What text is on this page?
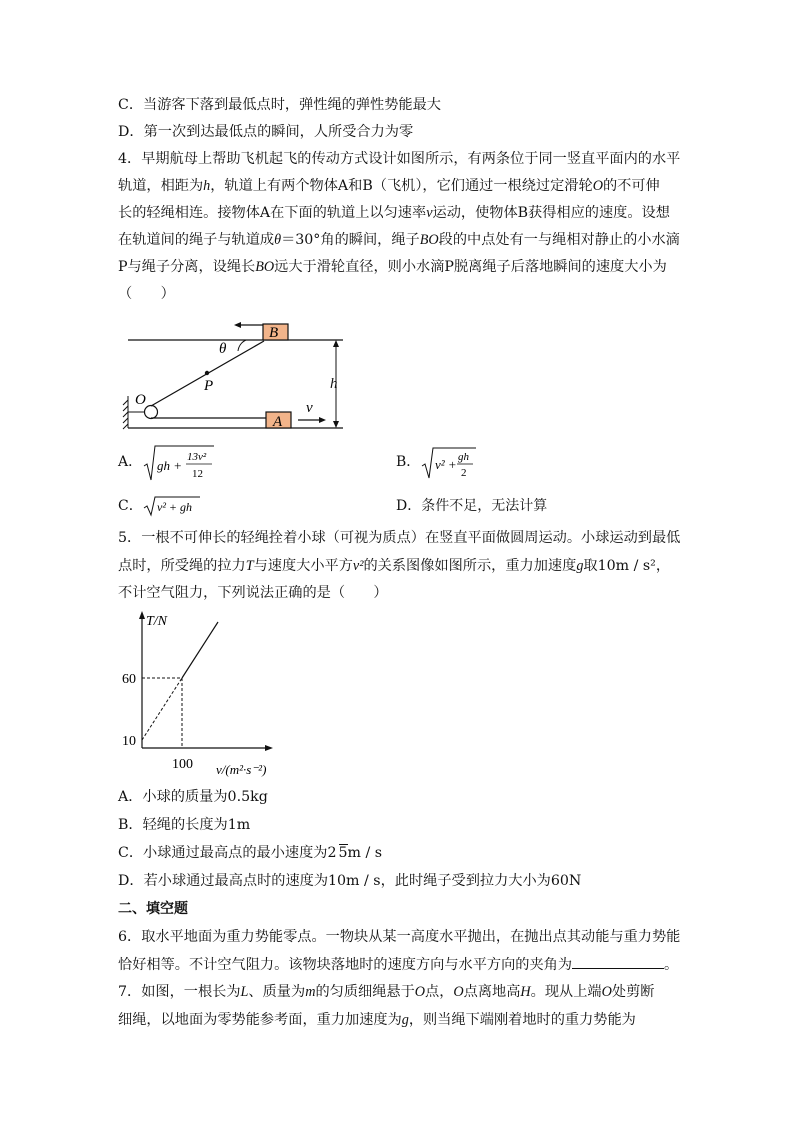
C．当游客下落到最低点时，弹性绳的弹性势能最大
D．第一次到达最低点的瞬间，人所受合力为零
4．早期航母上帮助飞机起飞的传动方式设计如图所示，有两条位于同一竖直平面内的水平
轨道，相距为h，轨道上有两个物体A和B（飞机），它们通过一根绕过定滑轮O的不可伸
长的轻绳相连。接物体A在下面的轨道上以匀速率v运动，使物体B获得相应的速度。设想
在轨道间的绳子与轨道成θ＝30°角的瞬间，绳子BO段的中点处有一与绳相对静止的小水滴
P与绳子分离，设绳长BO远大于滑轮直径，则小水滴P脱离绳子后落地瞬间的速度大小为
（　　）
B
A
v
h
θ
P
O
A． gh +
13v²
12
B． v² + gh
2
C． v² + gh	D．条件不足，无法计算
5．一根不可伸长的轻绳拴着小球（可视为质点）在竖直平面做圆周运动。小球运动到最低
点时，所受绳的拉力T与速度大小平方v²的关系图像如图所示，重力加速度g取10m / s²，
不计空气阻力，下列说法正确的是（　　）
T/N
60
10
100 v/(m²·s⁻²)
A．小球的质量为0.5kg
B．轻绳的长度为1m
C．小球通过最高点的最小速度为2 5m / s
D．若小球通过最高点时的速度为10m / s，此时绳子受到拉力大小为60N
二、填空题
6．取水平地面为重力势能零点。一物块从某一高度水平抛出，在抛出点其动能与重力势能
恰好相等。不计空气阻力。该物块落地时的速度方向与水平方向的夹角为	。
7．如图，一根长为L、质量为m的匀质细绳悬于O点，O点离地高H。现从上端O处剪断
细绳，以地面为零势能参考面，重力加速度为g，则当绳下端刚着地时的重力势能为
